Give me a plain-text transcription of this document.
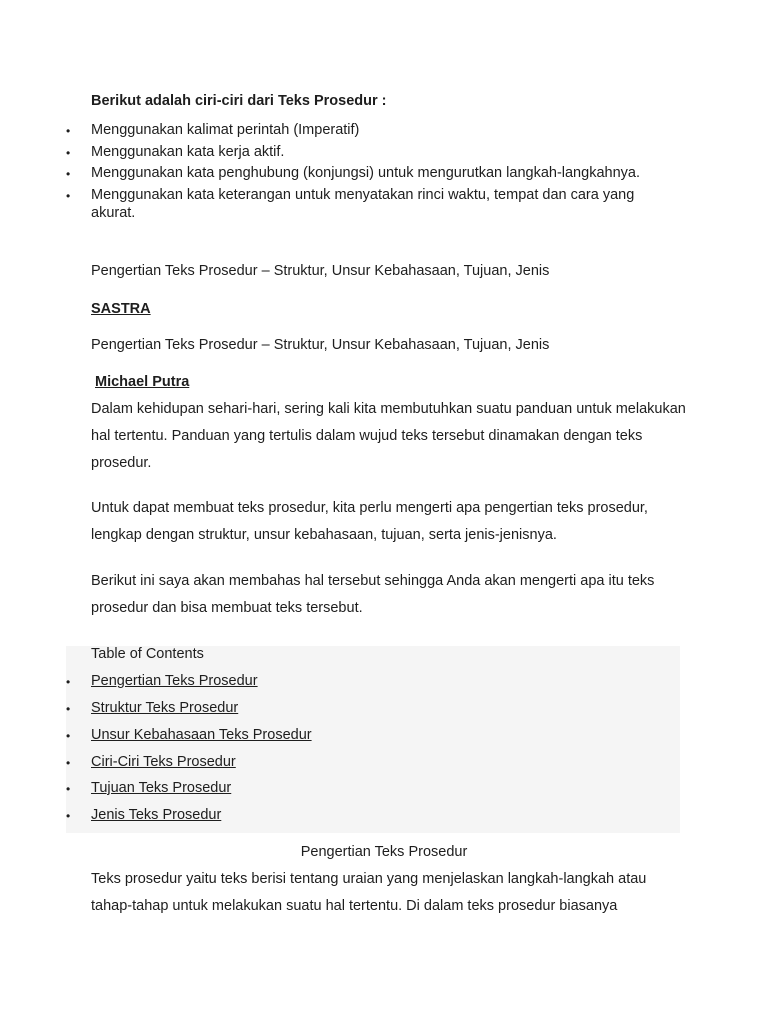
Berikut adalah ciri-ciri dari Teks Prosedur :
• Menggunakan kalimat perintah (Imperatif)
• Menggunakan kata kerja aktif.
• Menggunakan kata penghubung (konjungsi) untuk mengurutkan langkah-langkahnya.
• Menggunakan kata keterangan untuk menyatakan rinci waktu, tempat dan cara yang
akurat.
Pengertian Teks Prosedur – Struktur, Unsur Kebahasaan, Tujuan, Jenis
SASTRA
Pengertian Teks Prosedur – Struktur, Unsur Kebahasaan, Tujuan, Jenis
Michael Putra
Dalam kehidupan sehari-hari, sering kali kita membutuhkan suatu panduan untuk melakukan hal tertentu. Panduan yang tertulis dalam wujud teks tersebut dinamakan dengan teks prosedur.
Untuk dapat membuat teks prosedur, kita perlu mengerti apa pengertian teks prosedur, lengkap dengan struktur, unsur kebahasaan, tujuan, serta jenis-jenisnya.
Berikut ini saya akan membahas hal tersebut sehingga Anda akan mengerti apa itu teks prosedur dan bisa membuat teks tersebut.
Table of Contents
• Pengertian Teks Prosedur
• Struktur Teks Prosedur
• Unsur Kebahasaan Teks Prosedur
• Ciri-Ciri Teks Prosedur
• Tujuan Teks Prosedur
• Jenis Teks Prosedur
Pengertian Teks Prosedur
Teks prosedur yaitu teks berisi tentang uraian yang menjelaskan langkah-langkah atau tahap-tahap untuk melakukan suatu hal tertentu. Di dalam teks prosedur biasanya
